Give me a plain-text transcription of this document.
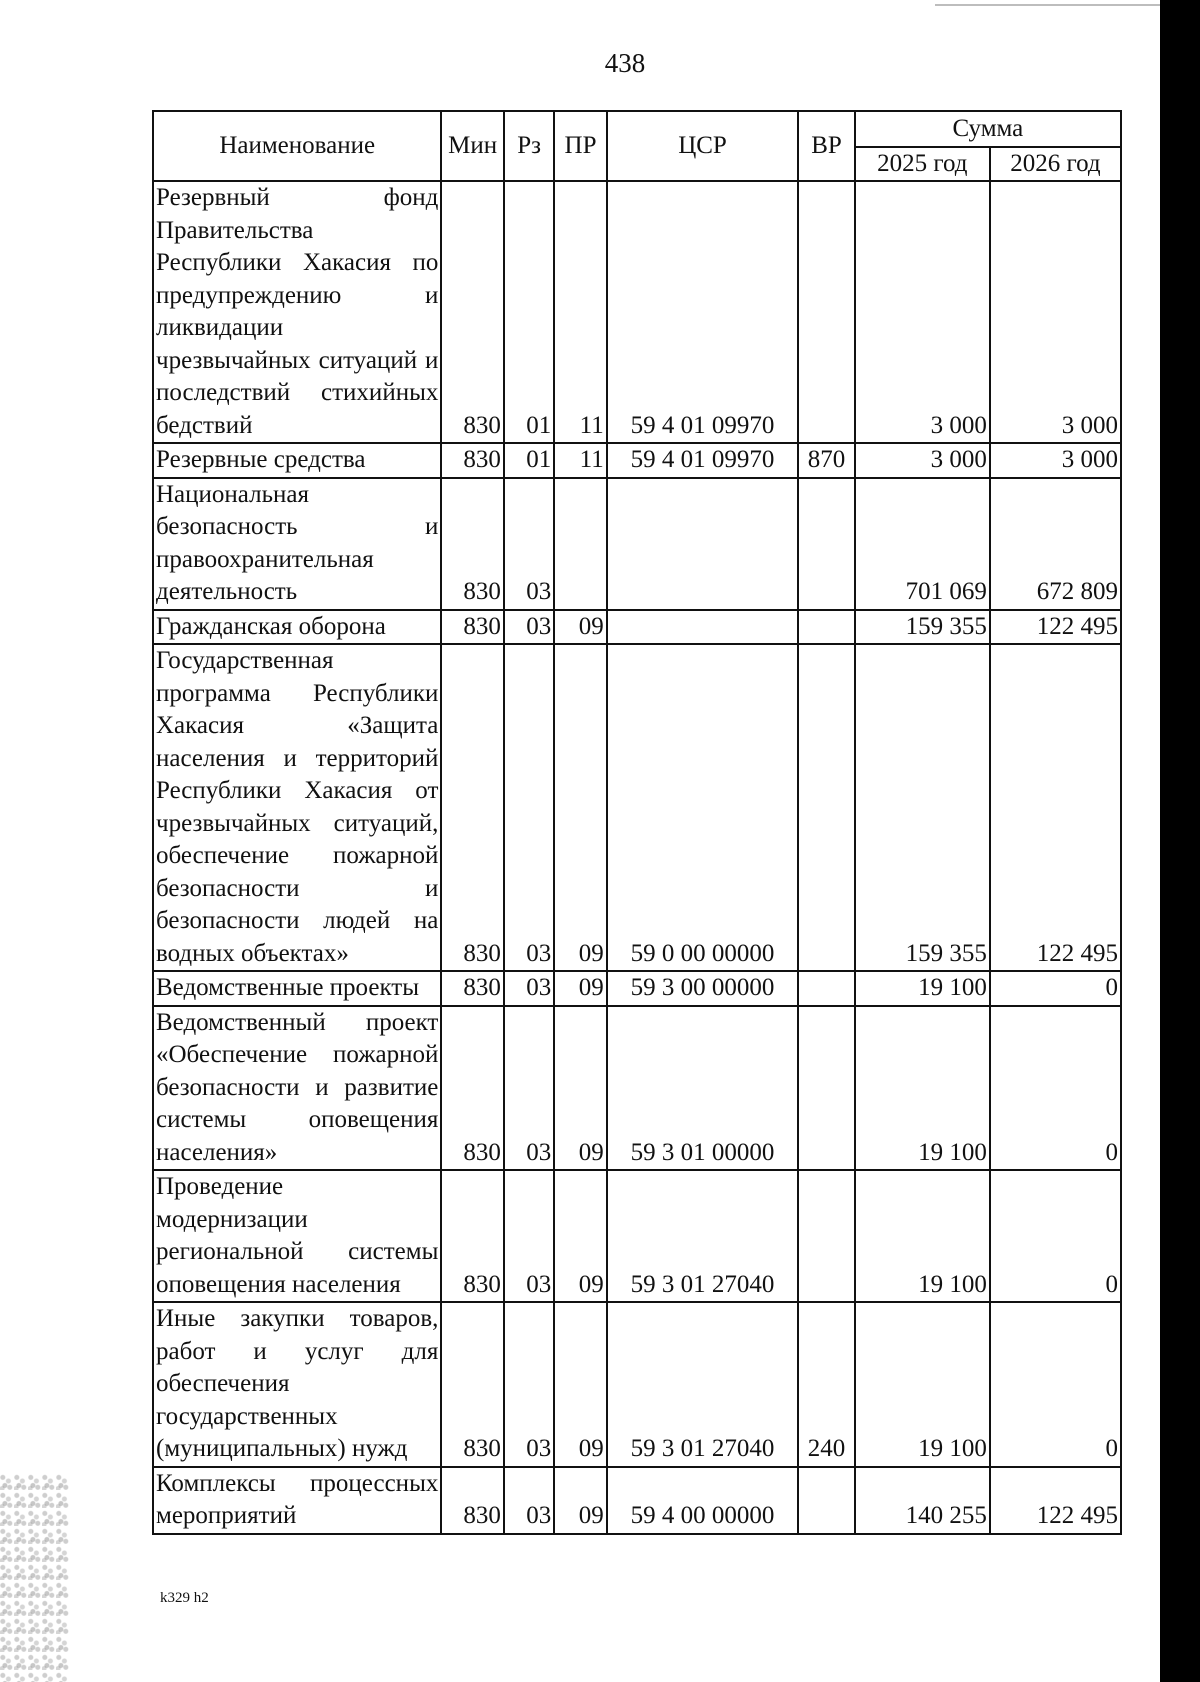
438
Наименование	Мин	Рз	ПР	ЦСР	ВР	Сумма	
						2025 год	2026 год
Резервный фонд Правительства Республики Хакасия по предупреждению и ликвидации чрезвычайных ситуаций и последствий стихийных бедствий	830	01	11	59 4 01 09970		3 000	3 000
Резервные средства	830	01	11	59 4 01 09970	870	3 000	3 000
Национальная безопасность и правоохранительная деятельность	830	03				701 069	672 809
Гражданская оборона	830	03	09			159 355	122 495
Государственная программа Республики Хакасия «Защита населения и территорий Республики Хакасия от чрезвычайных ситуаций, обеспечение пожарной безопасности и безопасности людей на водных объектах»	830	03	09	59 0 00 00000		159 355	122 495
Ведомственные проекты	830	03	09	59 3 00 00000		19 100	0
Ведомственный проект «Обеспечение пожарной безопасности и развитие системы оповещения населения»	830	03	09	59 3 01 00000		19 100	0
Проведение модернизации региональной системы оповещения населения	830	03	09	59 3 01 27040		19 100	0
Иные закупки товаров, работ и услуг для обеспечения государственных (муниципальных) нужд	830	03	09	59 3 01 27040	240	19 100	0
Комплексы процессных мероприятий	830	03	09	59 4 00 00000		140 255	122 495
k329 h2
